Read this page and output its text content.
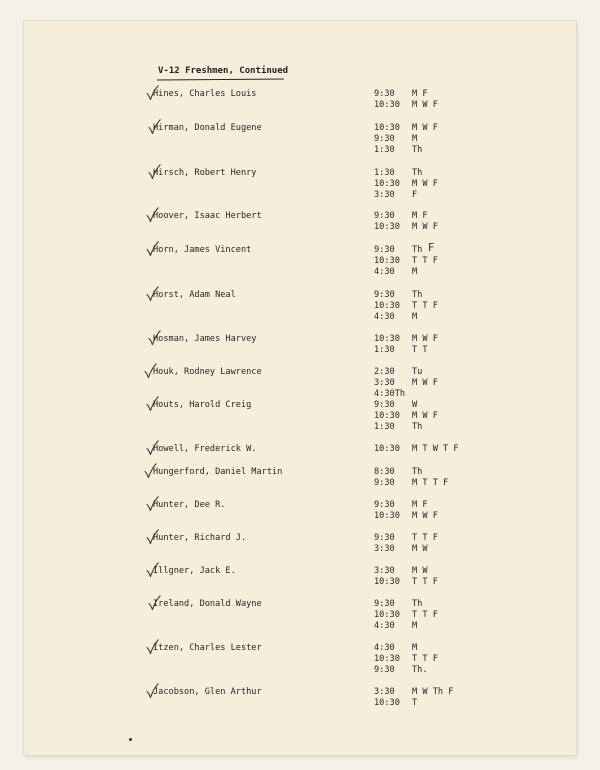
V-12 Freshmen, Continued
Hines, Charles Louis	9:30 M F
10:30 M W F
Hirman, Donald Eugene	10:30 M W F
9:30 M
1:30 Th
Hirsch, Robert Henry	1:30 Th
10:30 M W F
3:30 F
Hoover, Isaac Herbert	9:30 M F
10:30 M W F
Horn, James Vincent	9:30 Th F
10:30 T T F
4:30 M
Horst, Adam Neal	9:30 Th
10:30 T T F
4:30 M
Hosman, James Harvey	10:30 M W F
1:30 T T
Houk, Rodney Lawrence	2:30 Tu
3:30 M W F
4:30Th
Houts, Harold Creig	9:30 W
10:30 M W F
1:30 Th
Howell, Frederick W.	10:30 M T W T F
Hungerford, Daniel Martin	8:30 Th
9:30 M T T F
Hunter, Dee R.	9:30 M F
10:30 M W F
Hunter, Richard J.	9:30 T T F
3:30 M W
Illgner, Jack E.	3:30 M W
10:30 T T F
Ireland, Donald Wayne	9:30 Th
10:30 T T F
4:30 M
Itzen, Charles Lester	4:30 M
10:30 T T F
9:30 Th.
Jacobson, Glen Arthur	3:30 M W Th F
10:30 T
